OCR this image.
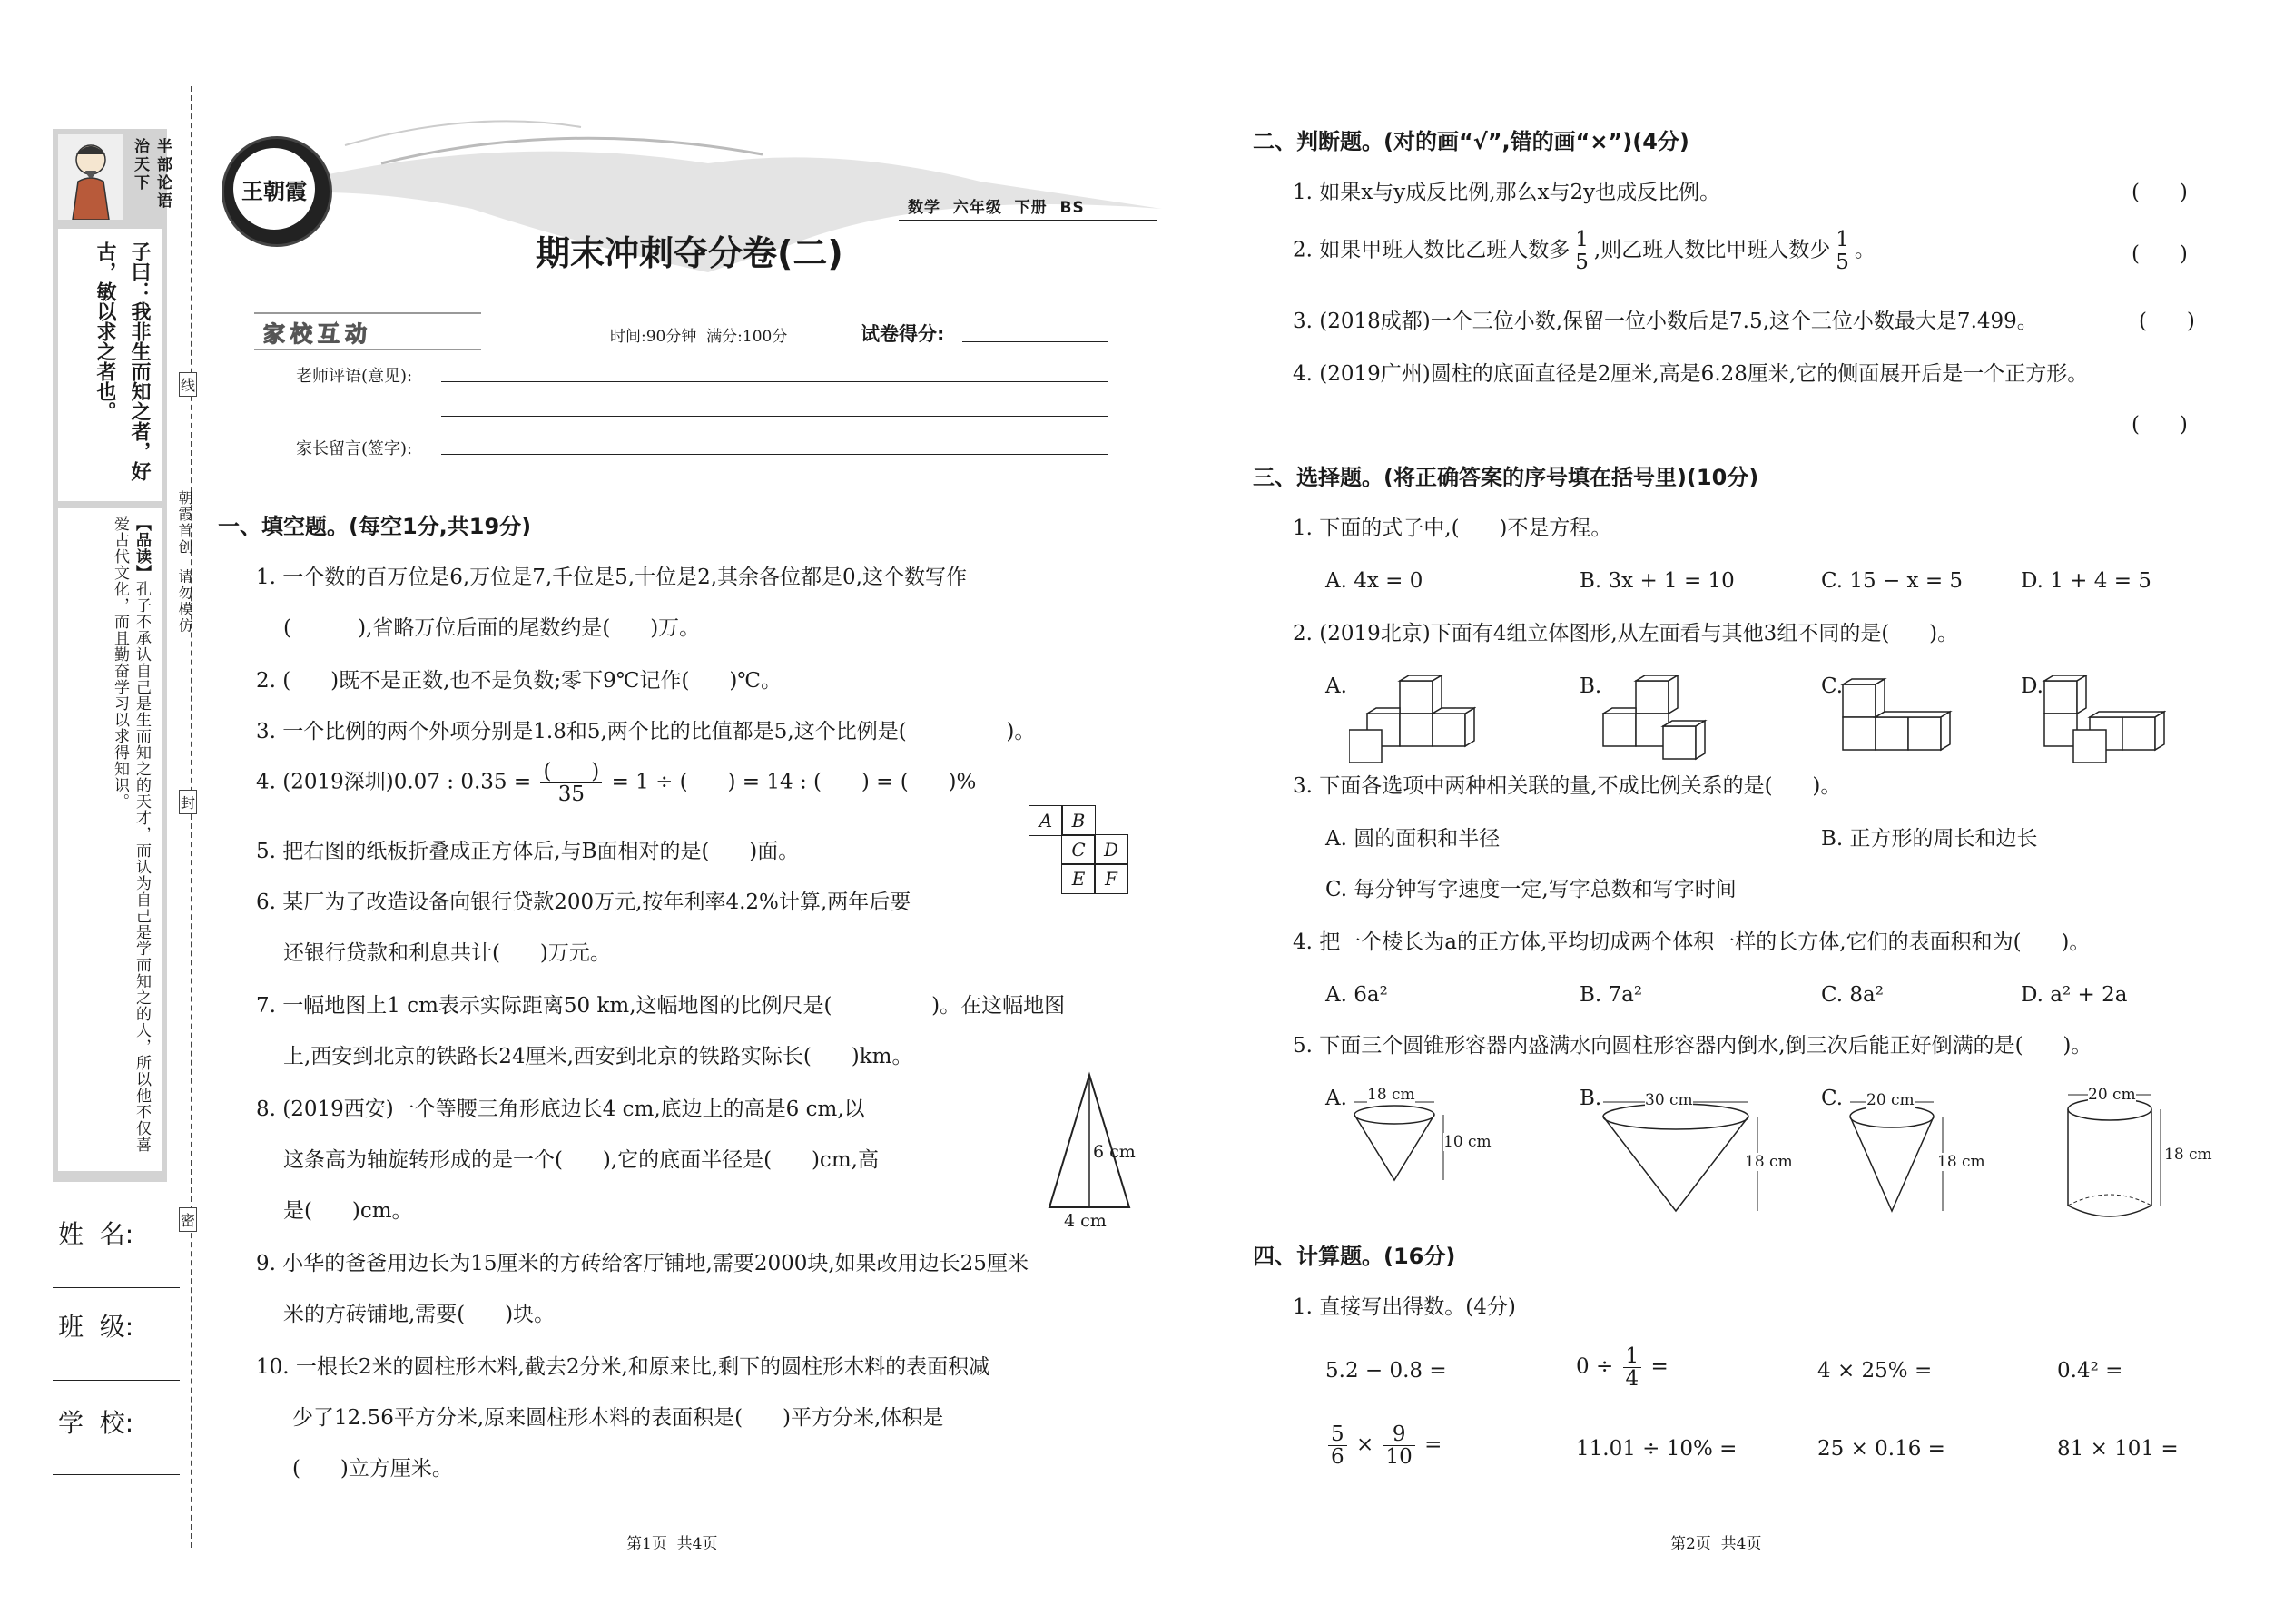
半部论语治天下
子曰：我非生而知之者，好
古，敏以求之者也。
【品读】孔子不承认自己是生而知之的天才，而认为自己是学而知之的人，所以他不仅喜爱古代文化，而且勤奋学习以求得知识。
姓  名:
班  级:
学  校:
线
封
密
朝霞首创  请勿模仿
王朝霞
数学  六年级  下册  BS
期末冲刺夺分卷(二)
家校互动	时间:90分钟  满分:100分	试卷得分:
老师评语(意见):
家长留言(签字):
一、填空题。(每空1分,共19分)
1. 一个数的百万位是6,万位是7,千位是5,十位是2,其余各位都是0,这个数写作
(          ),省略万位后面的尾数约是(      )万。
2. (      )既不是正数,也不是负数;零下9℃记作(      )℃。
3. 一个比例的两个外项分别是1.8和5,两个比的比值都是5,这个比例是(               )。
4. (2019深圳)0.07 : $0.35 = \frac{( )}{35} = 1$ ÷ (      ) = 14 : (      ) = (      )%
5. 把右图的纸板折叠成正方体后,与B面相对的是(      )面。
A	B
C	D
E	F
6. 某厂为了改造设备向银行贷款200万元,按年利率4.2%计算,两年后要
还银行贷款和利息共计(      )万元。
7. 一幅地图上1 cm表示实际距离50 km,这幅地图的比例尺是(               )。在这幅地图
上,西安到北京的铁路长24厘米,西安到北京的铁路实际长(      )km。
8. (2019西安)一个等腰三角形底边长4 cm,底边上的高是6 cm,以
这条高为轴旋转形成的是一个(      ),它的底面半径是(      )cm,高
是(      )cm。
6 cm
4 cm
9. 小华的爸爸用边长为15厘米的方砖给客厅铺地,需要2000块,如果改用边长25厘米
米的方砖铺地,需要(      )块。
10. 一根长2米的圆柱形木料,截去2分米,和原来比,剩下的圆柱形木料的表面积减
少了12.56平方分米,原来圆柱形木料的表面积是(      )平方分米,体积是
(      )立方厘米。
第1页  共4页
二、判断题。(对的画“√”,错的画“×”)(4分)
1. 如果x与y成反比例,那么x与2y也成反比例。	(      )
2. 如果甲班人数比乙班人数多 $\frac{1}{5}$ ,则乙班人数比甲班人数少 $\frac{1}{5}$ 。	(      )
3. (2018成都)一个三位小数,保留一位小数后是7.5,这个三位小数最大是7.499。	(      )
4. (2019广州)圆柱的底面直径是2厘米,高是6.28厘米,它的侧面展开后是一个正方形。
(      )
三、选择题。(将正确答案的序号填在括号里)(10分)
1. 下面的式子中,(      )不是方程。
A. 4x = 0	B. 3x + 1 = 10	C. 15 − x = 5	D. 1 + 4 = 5
2. (2019北京)下面有4组立体图形,从左面看与其他3组不同的是(      )。
A.	B.	C.	D.
3. 下面各选项中两种相关联的量,不成比例关系的是(      )。
A. 圆的面积和半径	B. 正方形的周长和边长
C. 每分钟写字速度一定,写字总数和写字时间
4. 把一个棱长为a的正方体,平均切成两个体积一样的长方体,它们的表面积和为(      )。
A. 6a²	B. 7a²	C. 8a²	D. a² + 2a
5. 下面三个圆锥形容器内盛满水向圆柱形容器内倒水,倒三次后能正好倒满的是(      )。
A. 18 cm
10 cm
B.	30 cm
18 cm
C. 20 cm
18 cm
20 cm
18 cm
四、计算题。(16分)
1. 直接写出得数。(4分)
5.2 − 0.8 =	$0 \div \frac{1}{4}$ =	4 × 25% =	0.4² =
$\frac{5}{6} \times \frac{9}{10}$ =	11.01 ÷ 10% =	25 × 0.16 =	81 × 101 =
第2页  共4页
